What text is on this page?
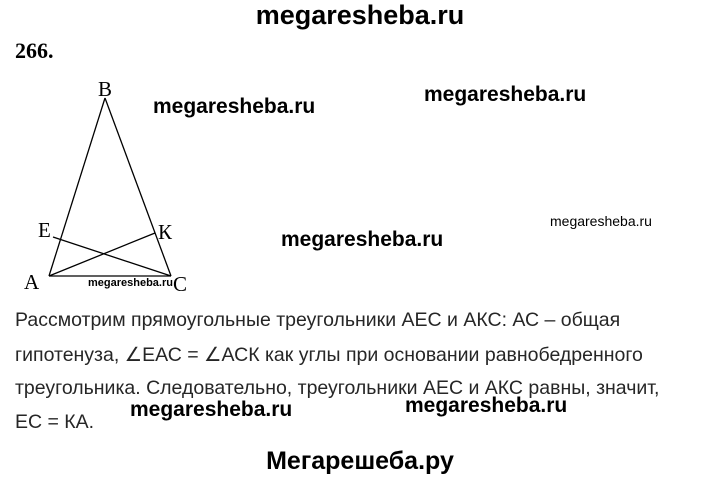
megaresheba.ru
266.
B
E	К
A	C
megaresheba.ru
megaresheba.ru
megaresheba.ru
megaresheba.ru
megaresheba.ru
Рассмотрим прямоугольные треугольники АЕС и АКС: АС – общая
гипотенуза, ∠ЕАС = ∠АСК как углы при основании равнобедренного
треугольника. Следовательно, треугольники АЕС и АКС равны, значит,
ЕС = КА.
megaresheba.ru	megaresheba.ru
Мегарешеба.ру
